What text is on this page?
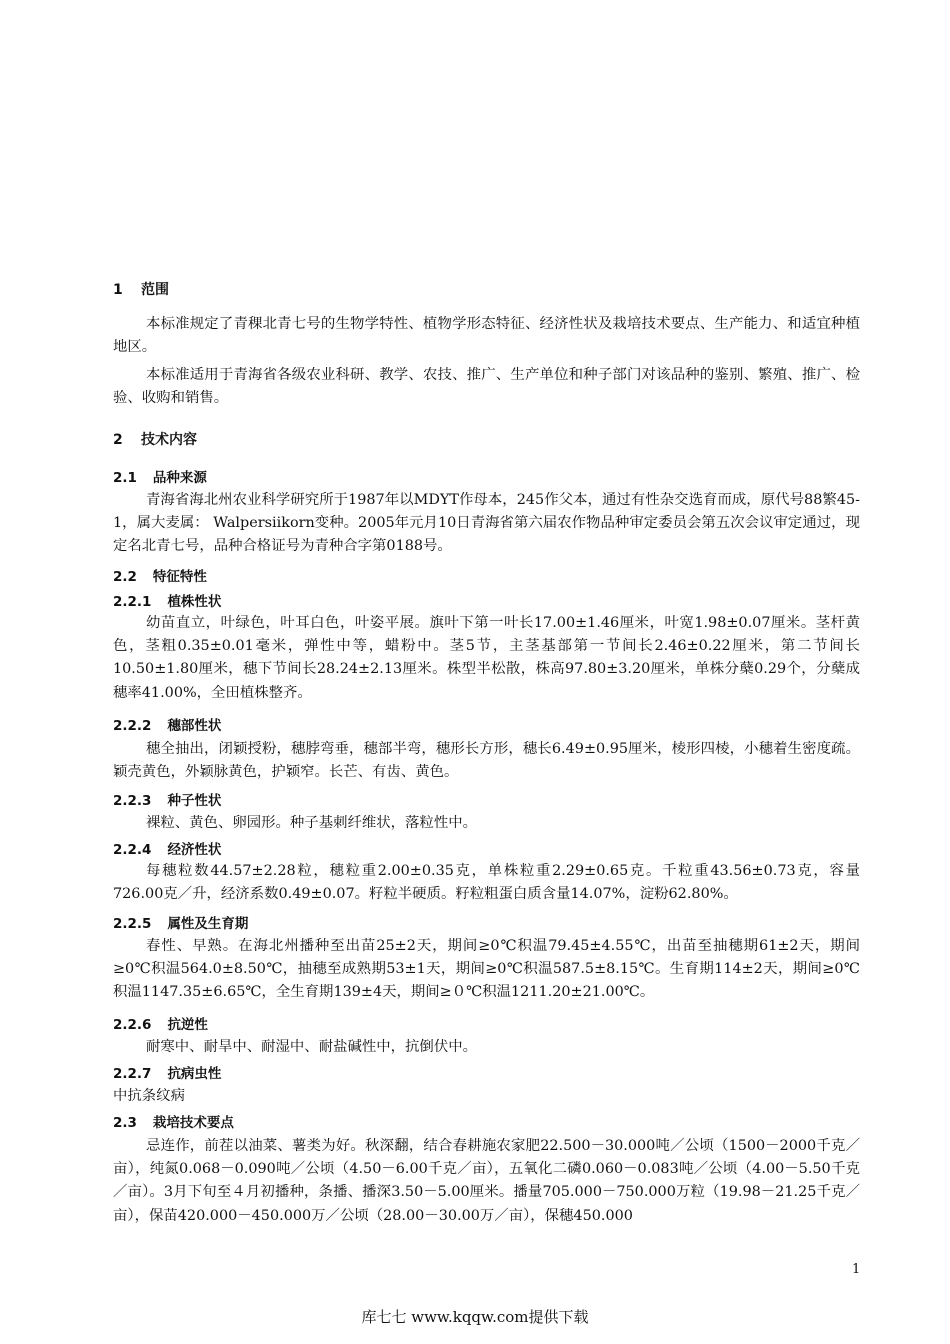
1 范围
本标准规定了青稞北青七号的生物学特性、植物学形态特征、经济性状及栽培技术要点、生产能力、和适宜种植地区。
本标准适用于青海省各级农业科研、教学、农技、推广、生产单位和种子部门对该品种的鉴别、繁殖、推广、检验、收购和销售。
2 技术内容
2.1 品种来源
青海省海北州农业科学研究所于1987年以MDYT作母本，245作父本，通过有性杂交选育而成，原代号88繁45-1，属大麦属： Walpersiikorn变种。2005年元月10日青海省第六届农作物品种审定委员会第五次会议审定通过，现定名北青七号，品种合格证号为青种合字第0188号。
2.2 特征特性
2.2.1 植株性状
幼苗直立，叶绿色，叶耳白色，叶姿平展。旗叶下第一叶长17.00±1.46厘米，叶宽1.98±0.07厘米。茎杆黄色，茎粗0.35±0.01毫米，弹性中等，蜡粉中。茎5节，主茎基部第一节间长2.46±0.22厘米，第二节间长10.50±1.80厘米，穗下节间长28.24±2.13厘米。株型半松散，株高97.80±3.20厘米，单株分蘖0.29个，分蘖成穗率41.00%，全田植株整齐。
2.2.2 穗部性状
穗全抽出，闭颖授粉，穗脖弯垂，穗部半弯，穗形长方形，穗长6.49±0.95厘米，棱形四棱，小穗着生密度疏。颖壳黄色，外颖脉黄色，护颖窄。长芒、有齿、黄色。
2.2.3 种子性状
裸粒、黄色、卵园形。种子基刺纤维状，落粒性中。
2.2.4 经济性状
每穗粒数44.57±2.28粒，穗粒重2.00±0.35克，单株粒重2.29±0.65克。千粒重43.56±0.73克，容量726.00克／升，经济系数0.49±0.07。籽粒半硬质。籽粒粗蛋白质含量14.07%，淀粉62.80%。
2.2.5 属性及生育期
春性、早熟。在海北州播种至出苗25±2天，期间≥0℃积温79.45±4.55℃，出苗至抽穗期61±2天，期间≥0℃积温564.0±8.50℃，抽穗至成熟期53±1天，期间≥0℃积温587.5±8.15℃。生育期114±2天，期间≥0℃积温1147.35±6.65℃，全生育期139±4天，期间≥０℃积温1211.20±21.00℃。
2.2.6 抗逆性
耐寒中、耐旱中、耐湿中、耐盐碱性中，抗倒伏中。
2.2.7 抗病虫性
中抗条纹病
2.3 栽培技术要点
忌连作，前茬以油菜、薯类为好。秋深翻，结合春耕施农家肥22.500－30.000吨／公顷（1500－2000千克／亩），纯氮0.068－0.090吨／公顷（4.50－6.00千克／亩），五氧化二磷0.060－0.083吨／公顷（4.00－5.50千克／亩）。3月下旬至４月初播种，条播、播深3.50－5.00厘米。播量705.000－750.000万粒（19.98－21.25千克／亩），保苗420.000－450.000万／公顷（28.00－30.00万／亩），保穗450.000
1
库七七 www.kqqw.com提供下载
